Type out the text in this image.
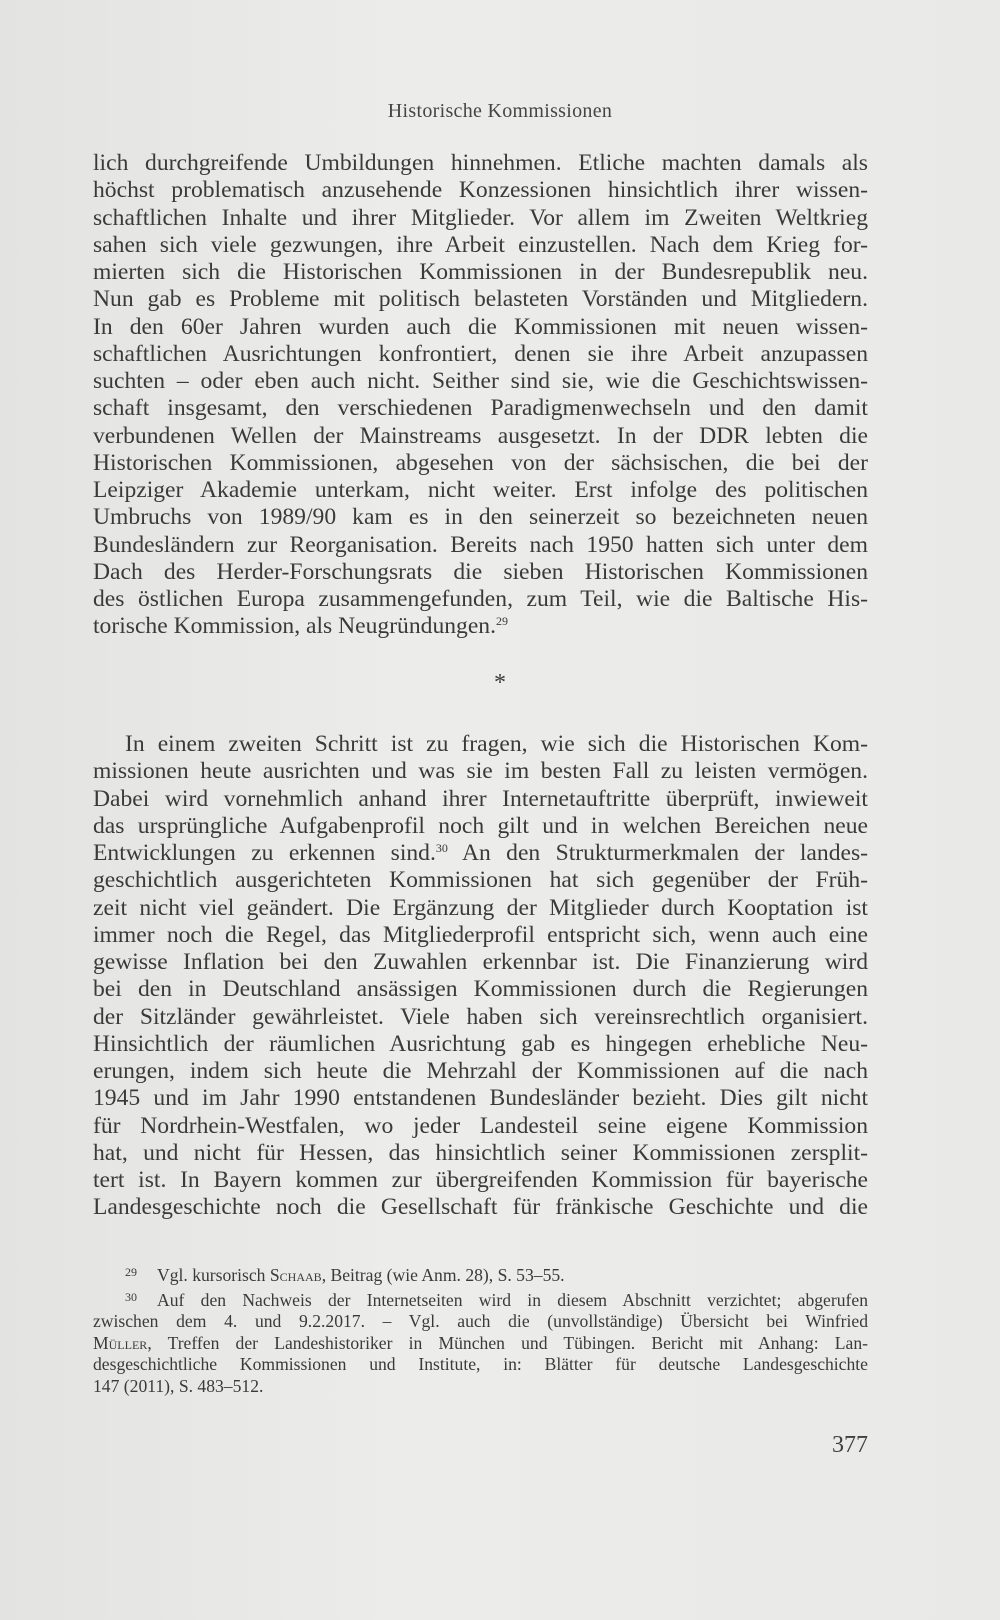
Historische Kommissionen
lich durchgreifende Umbildungen hinnehmen. Etliche machten damals als
höchst problematisch anzusehende Konzessionen hinsichtlich ihrer wissen-
schaftlichen Inhalte und ihrer Mitglieder. Vor allem im Zweiten Weltkrieg
sahen sich viele gezwungen, ihre Arbeit einzustellen. Nach dem Krieg for-
mierten sich die Historischen Kommissionen in der Bundesrepublik neu.
Nun gab es Probleme mit politisch belasteten Vorständen und Mitgliedern.
In den 60er Jahren wurden auch die Kommissionen mit neuen wissen-
schaftlichen Ausrichtungen konfrontiert, denen sie ihre Arbeit anzupassen
suchten – oder eben auch nicht. Seither sind sie, wie die Geschichtswissen-
schaft insgesamt, den verschiedenen Paradigmenwechseln und den damit
verbundenen Wellen der Mainstreams ausgesetzt. In der DDR lebten die
Historischen Kommissionen, abgesehen von der sächsischen, die bei der
Leipziger Akademie unterkam, nicht weiter. Erst infolge des politischen
Umbruchs von 1989/90 kam es in den seinerzeit so bezeichneten neuen
Bundesländern zur Reorganisation. Bereits nach 1950 hatten sich unter dem
Dach des Herder-Forschungsrats die sieben Historischen Kommissionen
des östlichen Europa zusammengefunden, zum Teil, wie die Baltische His-
torische Kommission, als Neugründungen.$^{29}$
*
In einem zweiten Schritt ist zu fragen, wie sich die Historischen Kom-
missionen heute ausrichten und was sie im besten Fall zu leisten vermögen.
Dabei wird vornehmlich anhand ihrer Internetauftritte überprüft, inwieweit
das ursprüngliche Aufgabenprofil noch gilt und in welchen Bereichen neue
Entwicklungen zu erkennen sind.$^{30}$ An den Strukturmerkmalen der landes-
geschichtlich ausgerichteten Kommissionen hat sich gegenüber der Früh-
zeit nicht viel geändert. Die Ergänzung der Mitglieder durch Kooptation ist
immer noch die Regel, das Mitgliederprofil entspricht sich, wenn auch eine
gewisse Inflation bei den Zuwahlen erkennbar ist. Die Finanzierung wird
bei den in Deutschland ansässigen Kommissionen durch die Regierungen
der Sitzländer gewährleistet. Viele haben sich vereinsrechtlich organisiert.
Hinsichtlich der räumlichen Ausrichtung gab es hingegen erhebliche Neu-
erungen, indem sich heute die Mehrzahl der Kommissionen auf die nach
1945 und im Jahr 1990 entstandenen Bundesländer bezieht. Dies gilt nicht
für Nordrhein-Westfalen, wo jeder Landesteil seine eigene Kommission
hat, und nicht für Hessen, das hinsichtlich seiner Kommissionen zersplit-
tert ist. In Bayern kommen zur übergreifenden Kommission für bayerische
Landesgeschichte noch die Gesellschaft für fränkische Geschichte und die
$^{29}$ Vgl. kursorisch Schaab, Beitrag (wie Anm. 28), S. 53–55.
$^{30}$ Auf den Nachweis der Internetseiten wird in diesem Abschnitt verzichtet; abgerufen
zwischen dem 4. und 9.2.2017. – Vgl. auch die (unvollständige) Übersicht bei Winfried
Müller, Treffen der Landeshistoriker in München und Tübingen. Bericht mit Anhang: Lan-
desgeschichtliche Kommissionen und Institute, in: Blätter für deutsche Landesgeschichte
147 (2011), S. 483–512.
377
